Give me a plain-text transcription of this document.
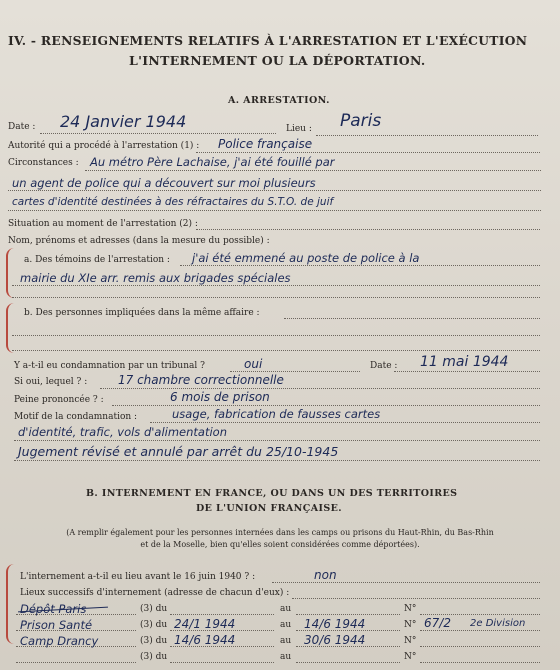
IV. - RENSEIGNEMENTS RELATIFS À L'ARRESTATION ET L'EXÉCUTION
L'INTERNEMENT OU LA DÉPORTATION.
A. ARRESTATION.
Date : 24 Janvier 1944	Lieu : Paris
Autorité qui a procédé à l'arrestation (1) : Police française
Circonstances : Au métro Père Lachaise, j'ai été fouillé par
un agent de police qui a découvert sur moi plusieurs
cartes d'identité destinées à des réfractaires du S.T.O. de juif
Situation au moment de l'arrestation (2) :
Nom, prénoms et adresses (dans la mesure du possible) :
a. Des témoins de l'arrestation : j'ai été emmené au poste de police à la
mairie du XIe arr. remis aux brigades spéciales
b. Des personnes impliquées dans la même affaire :
Y a-t-il eu condamnation par un tribunal ?	oui	Date : 11 mai 1944
Si oui, lequel ? :	17 chambre correctionnelle
Peine prononcée ? :	6 mois de prison
Motif de la condamnation :	usage, fabrication de fausses cartes
d'identité, trafic, vols d'alimentation
Jugement révisé et annulé par arrêt du 25/10-1945
B. INTERNEMENT EN FRANCE, OU DANS UN DES TERRITOIRES
DE L'UNION FRANÇAISE.
(A remplir également pour les personnes internées dans les camps ou prisons du Haut-Rhin, du Bas-Rhin
et de la Moselle, bien qu'elles soient considérées comme déportées).
L'internement a-t-il eu lieu avant le 16 juin 1940 ? :	non
Lieux successifs d'internement (adresse de chacun d'eux) :
Dépôt Paris	(3) du	au	N°
Prison Santé	(3) du 24/1 1944	au 14/6 1944	N° 67/2 2e Division
Camp Drancy	(3) du 14/6 1944	au 30/6 1944	N°
(3) du	au	N°
